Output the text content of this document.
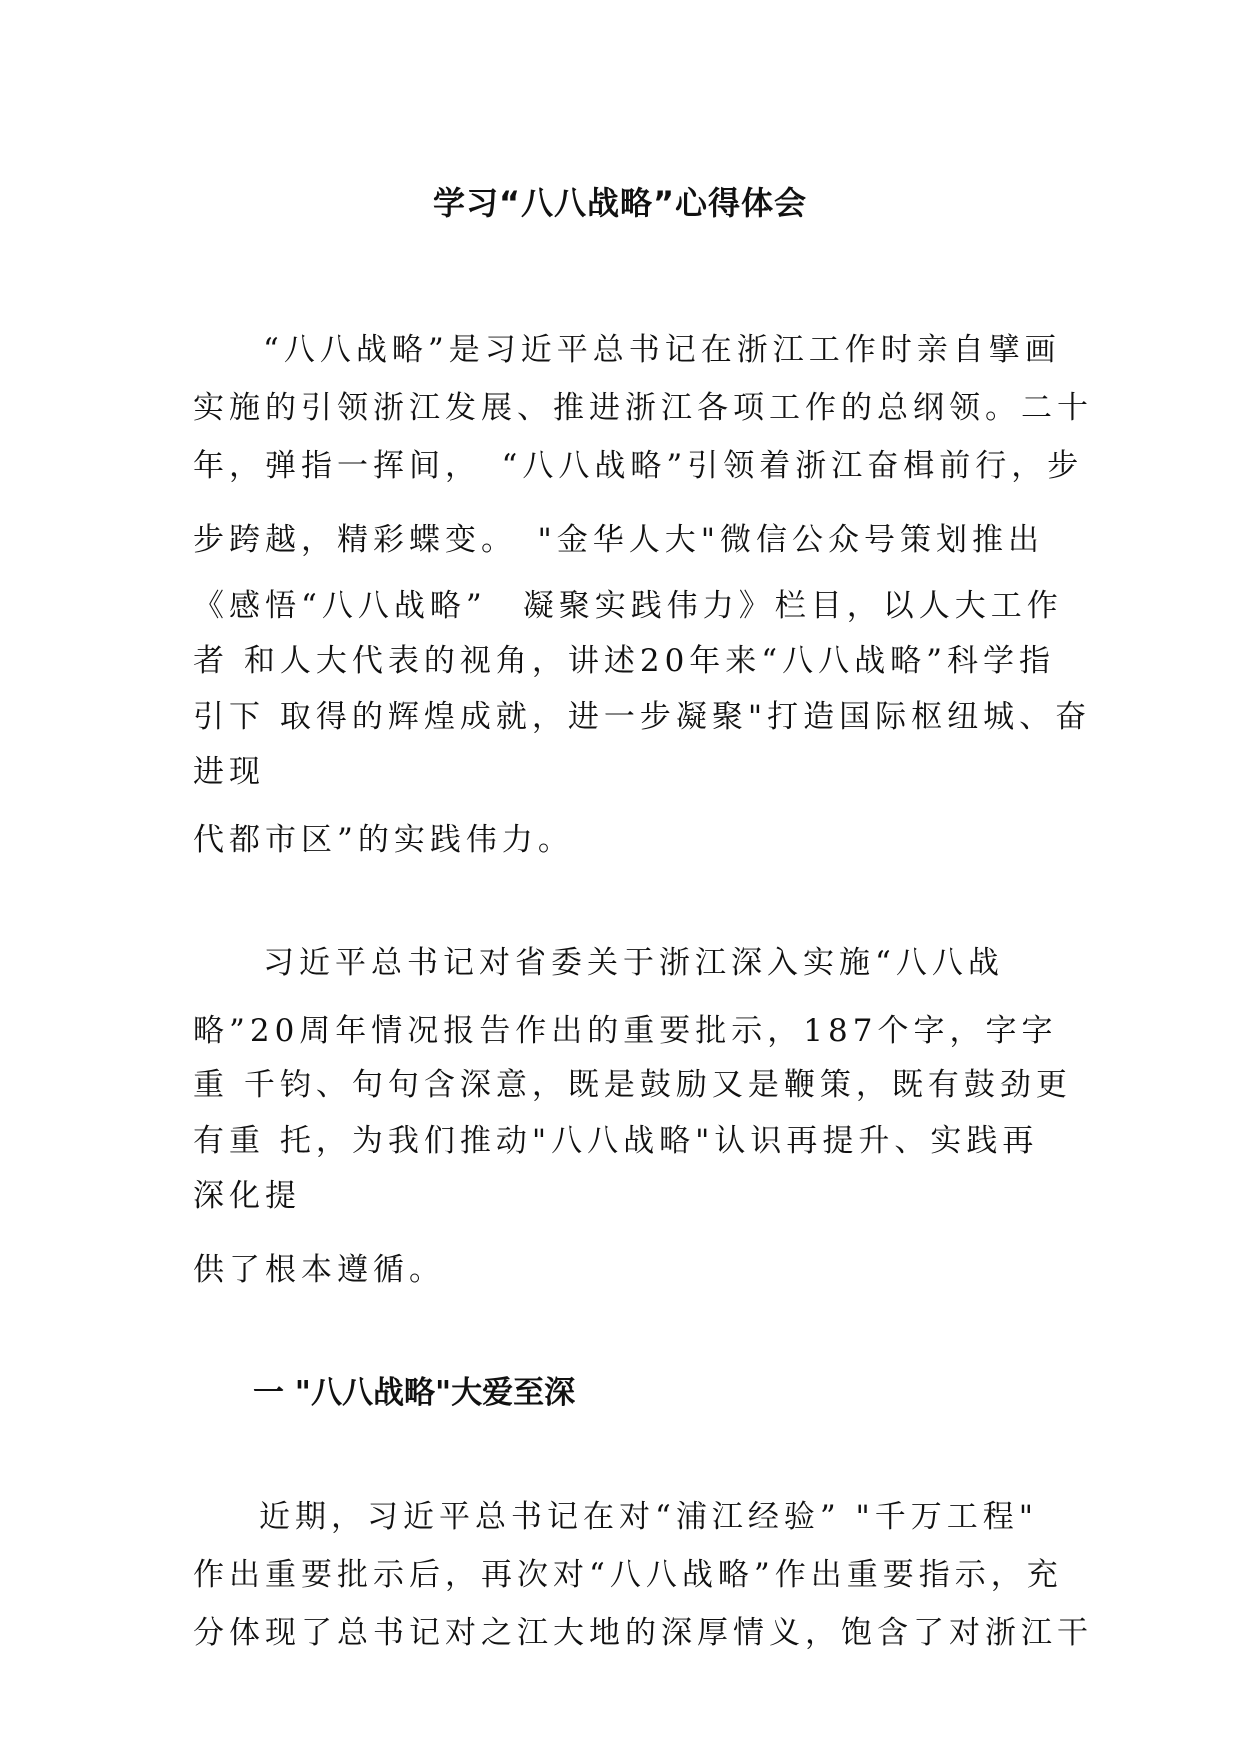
学习“八八战略”心得体会
“八八战略”是习近平总书记在浙江工作时亲自擘画
实施的引领浙江发展、推进浙江各项工作的总纲领。二十
年，弹指一挥间，　“八八战略”引领着浙江奋楫前行，步
步跨越，精彩蝶变。　"金华人大"微信公众号策划推出
《感悟“八八战略”　凝聚实践伟力》栏目，以人大工作
者 和人大代表的视角，讲述20年来“八八战略”科学指
引下 取得的辉煌成就，进一步凝聚"打造国际枢纽城、奋
进现
代都市区”的实践伟力。
习近平总书记对省委关于浙江深入实施“八八战
略”20周年情况报告作出的重要批示，187个字，字字
重 千钧、句句含深意，既是鼓励又是鞭策，既有鼓劲更
有重 托，为我们推动"八八战略"认识再提升、实践再
深化提
供了根本遵循。
一 "八八战略"大爱至深
近期，习近平总书记在对“浦江经验” "千万工程"
作出重要批示后，再次对“八八战略”作出重要指示，充
分体现了总书记对之江大地的深厚情义，饱含了对浙江干
